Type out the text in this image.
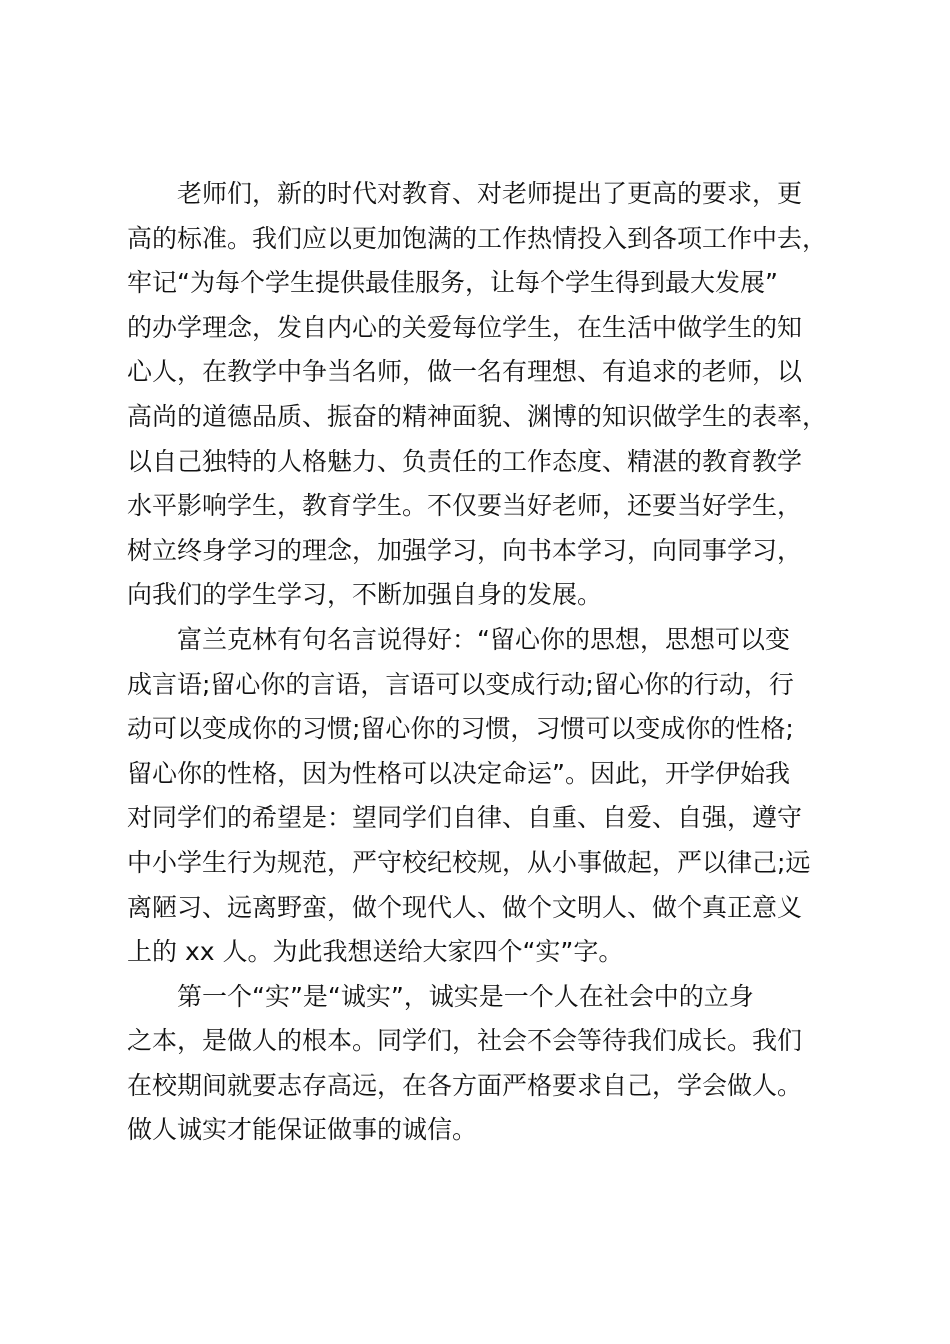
老师们，新的时代对教育、对老师提出了更高的要求，更
高的标准。我们应以更加饱满的工作热情投入到各项工作中去，
牢记“为每个学生提供最佳服务，让每个学生得到最大发展”
的办学理念，发自内心的关爱每位学生，在生活中做学生的知
心人，在教学中争当名师，做一名有理想、有追求的老师，以
高尚的道德品质、振奋的精神面貌、渊博的知识做学生的表率，
以自己独特的人格魅力、负责任的工作态度、精湛的教育教学
水平影响学生，教育学生。不仅要当好老师，还要当好学生，
树立终身学习的理念，加强学习，向书本学习，向同事学习，
向我们的学生学习，不断加强自身的发展。
富兰克林有句名言说得好：“留心你的思想，思想可以变
成言语;留心你的言语，言语可以变成行动;留心你的行动，行
动可以变成你的习惯;留心你的习惯，习惯可以变成你的性格;
留心你的性格，因为性格可以决定命运”。因此，开学伊始我
对同学们的希望是：望同学们自律、自重、自爱、自强，遵守
中小学生行为规范，严守校纪校规，从小事做起，严以律己;远
离陋习、远离野蛮，做个现代人、做个文明人、做个真正意义
上的 xx 人。为此我想送给大家四个“实”字。
第一个“实”是“诚实”，诚实是一个人在社会中的立身
之本，是做人的根本。同学们，社会不会等待我们成长。我们
在校期间就要志存高远，在各方面严格要求自己，学会做人。
做人诚实才能保证做事的诚信。
